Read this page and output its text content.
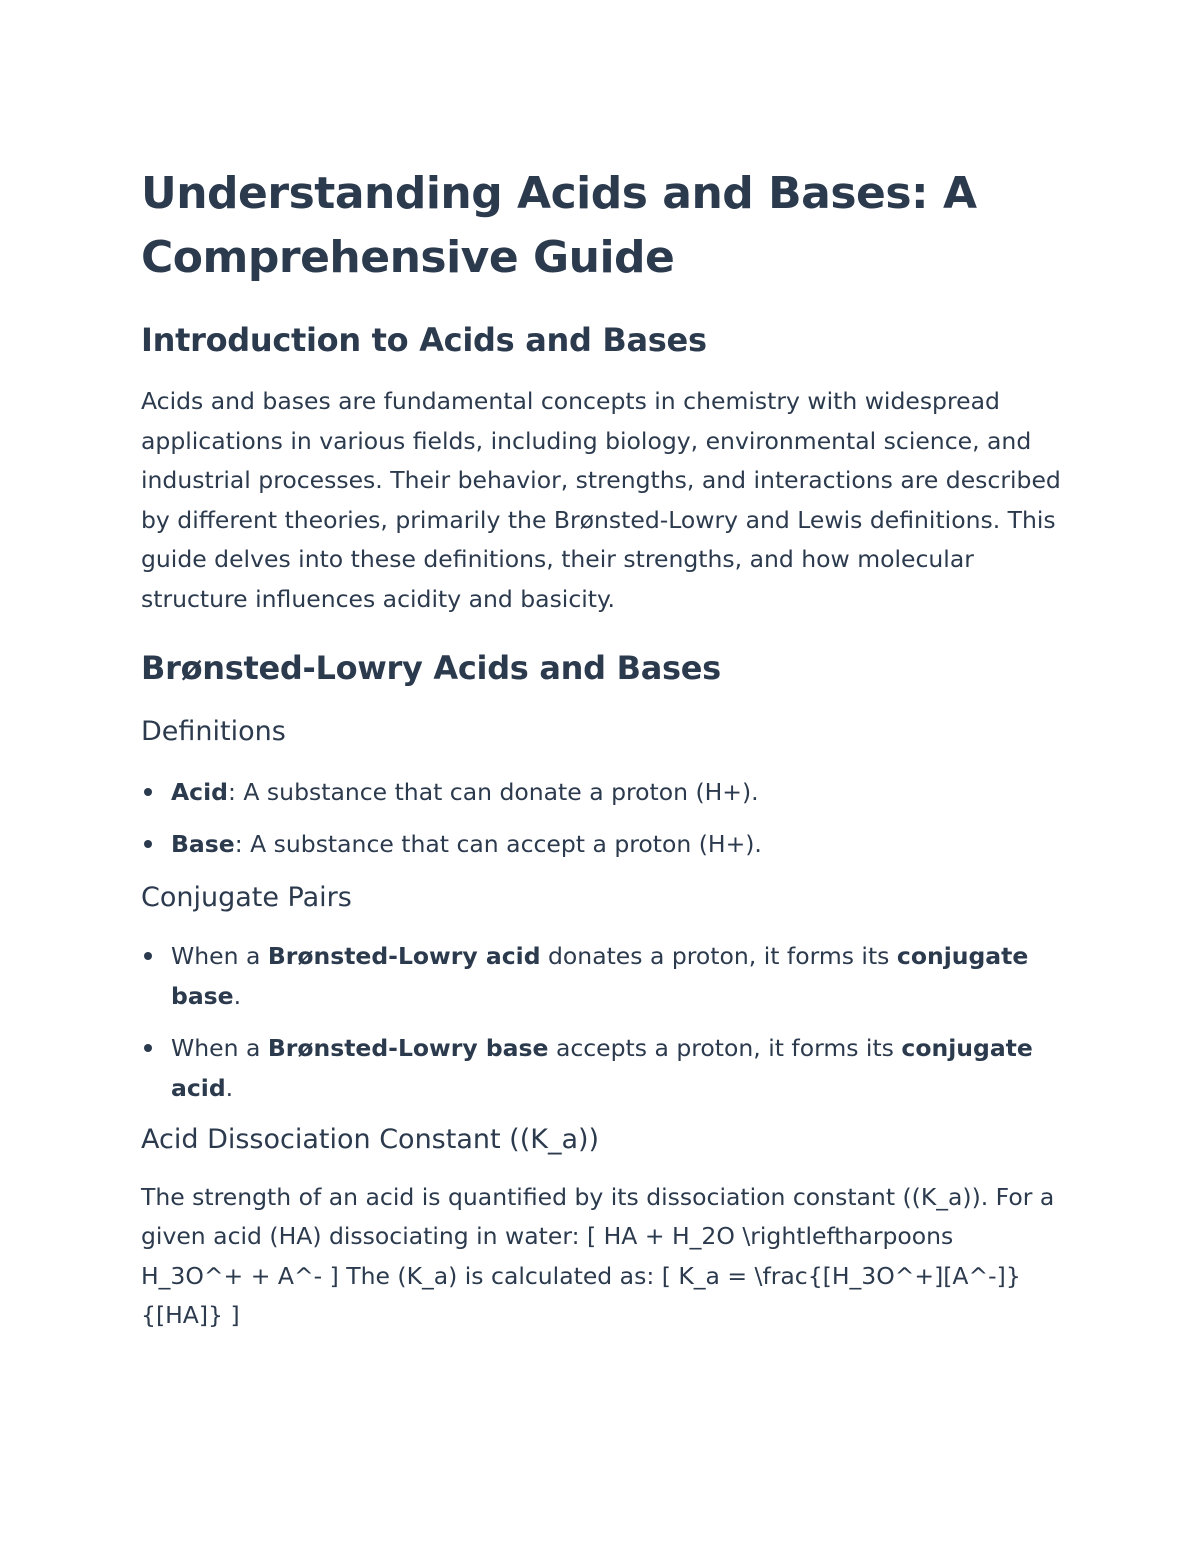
Understanding Acids and Bases: A Comprehensive Guide
Introduction to Acids and Bases

Acids and bases are fundamental concepts in chemistry with widespread applications in various fields, including biology, environmental science, and industrial processes. Their behavior, strengths, and interactions are described by different theories, primarily the Brønsted-Lowry and Lewis definitions. This guide delves into these definitions, their strengths, and how molecular structure influences acidity and basicity.

Brønsted-Lowry Acids and Bases
Definitions
Acid: A substance that can donate a proton (H+).
Base: A substance that can accept a proton (H+).
Conjugate Pairs
When a Brønsted-Lowry acid donates a proton, it forms its conjugate base.
When a Brønsted-Lowry base accepts a proton, it forms its conjugate acid.
Acid Dissociation Constant ((K_a))

The strength of an acid is quantified by its dissociation constant ((K_a)). For a given acid (HA) dissociating in water: [ HA + H_2O \rightleftharpoons H_3O^+ + A^- ] The (K_a) is calculated as: [ K_a = \frac{[H_3O^+][A^-]}{[HA]} ]
